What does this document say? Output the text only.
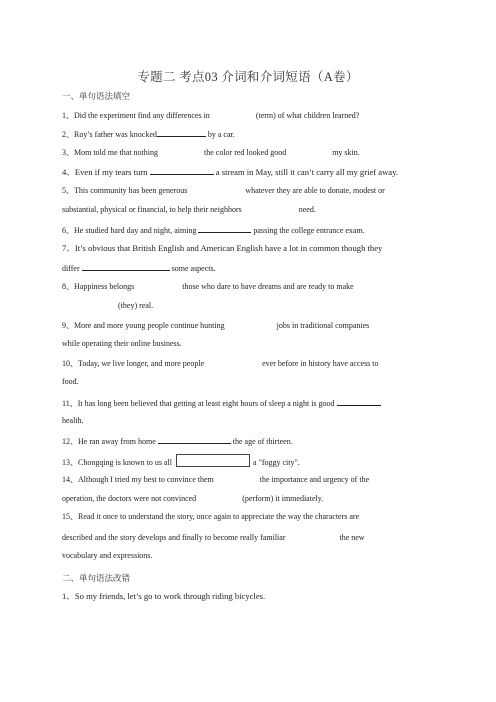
专题二 考点03 介词和介词短语（A卷）
一、单句语法填空
1、Did the experiment find any differences in	(term) of what children learned?
2、Roy’s father was knocked	by a car.
3、Mom told me that nothing	the color red looked good	my skin.
4、Even if my tears turn	a stream in May, still it can’t carry all my grief away.
5、This community has been generous	whatever they are able to donate, modest or
substantial, physical or financial, to help their neighbors	need.
6、He studied hard day and night, aiming	passing the college entrance exam.
7、It’s obvious that British English and American English have a lot in common though they
differ	some aspects.
8、Happiness belongs	those who dare to have dreams and are ready to make
(they) real.
9、More and more young people continue hunting	jobs in traditional companies
while operating their online business.
10、Today, we live longer, and more people	ever before in history have access to
food.
11、It has long been believed that getting at least eight hours of sleep a night is good
health.
12、He ran away from home	the age of thirteen.
13、Chongqing is known to us all	a "foggy city".
14、Although I tried my best to convince them	the importance and urgency of the
operation, the doctors were not convinced	(perform) it immediately.
15、Read it once to understand the story, once again to appreciate the way the characters are
described and the story develops and finally to become really familiar	the new
vocabulary and expressions.
二、单句语法改错
1、So my friends, let’s go to work through riding bicycles.
